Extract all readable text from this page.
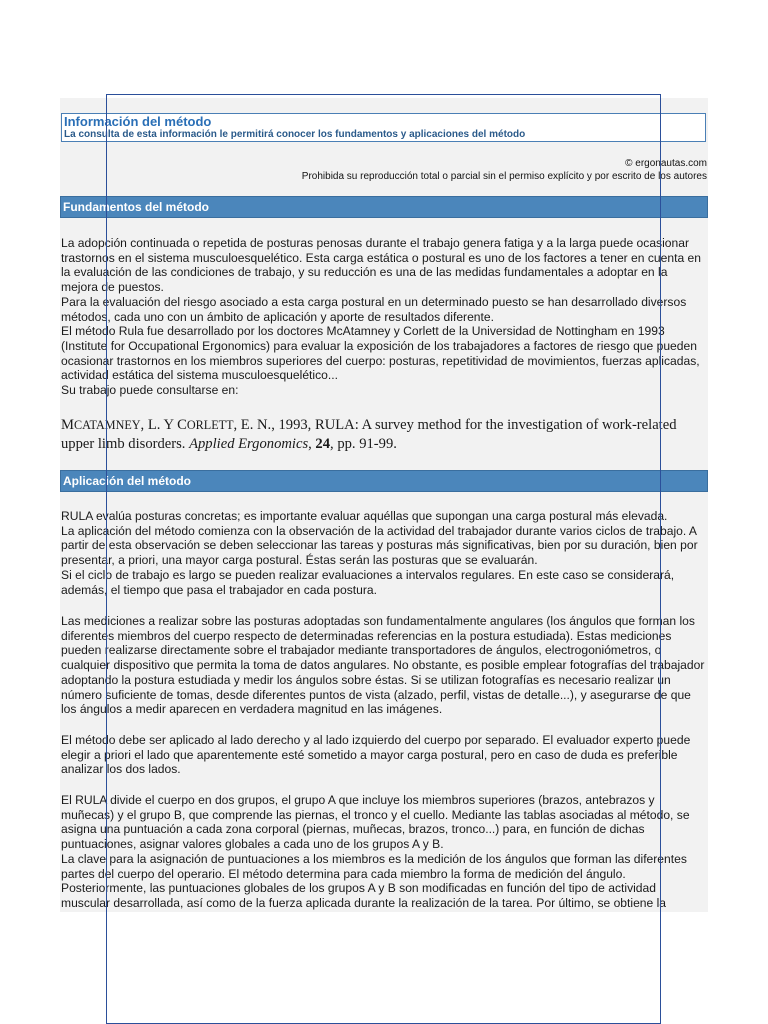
Información del método
La consulta de esta información le permitirá conocer los fundamentos y aplicaciones del método
© ergonautas.com
Prohibida su reproducción total o parcial sin el permiso explícito y por escrito de los autores
Fundamentos del método

La adopción continuada o repetida de posturas penosas durante el trabajo genera fatiga y a la larga puede ocasionar trastornos en el sistema musculoesquelético. Esta carga estática o postural es uno de los factores a tener en cuenta en la evaluación de las condiciones de trabajo, y su reducción es una de las medidas fundamentales a adoptar en la mejora de puestos.

Para la evaluación del riesgo asociado a esta carga postural en un determinado puesto se han desarrollado diversos métodos, cada uno con un ámbito de aplicación y aporte de resultados diferente.

El método Rula fue desarrollado por los doctores McAtamney y Corlett de la Universidad de Nottingham en 1993 (Institute for Occupational Ergonomics) para evaluar la exposición de los trabajadores a factores de riesgo que pueden ocasionar trastornos en los miembros superiores del cuerpo: posturas, repetitividad de movimientos, fuerzas aplicadas, actividad estática del sistema musculoesquelético...

Su trabajo puede consultarse en:

MCATAMNEY, L. Y CORLETT, E. N., 1993, RULA: A survey method for the investigation of work-related upper limb disorders. Applied Ergonomics, 24, pp. 91-99.
Aplicación del método

RULA evalúa posturas concretas; es importante evaluar aquéllas que supongan una carga postural más elevada.

La aplicación del método comienza con la observación de la actividad del trabajador durante varios ciclos de trabajo. A partir de esta observación se deben seleccionar las tareas y posturas más significativas, bien por su duración, bien por presentar, a priori, una mayor carga postural. Éstas serán las posturas que se evaluarán.

Si el ciclo de trabajo es largo se pueden realizar evaluaciones a intervalos regulares. En este caso se considerará, además, el tiempo que pasa el trabajador en cada postura.

Las mediciones a realizar sobre las posturas adoptadas son fundamentalmente angulares (los ángulos que forman los diferentes miembros del cuerpo respecto de determinadas referencias en la postura estudiada). Estas mediciones pueden realizarse directamente sobre el trabajador mediante transportadores de ángulos, electrogoniómetros, o cualquier dispositivo que permita la toma de datos angulares. No obstante, es posible emplear fotografías del trabajador adoptando la postura estudiada y medir los ángulos sobre éstas. Si se utilizan fotografías es necesario realizar un número suficiente de tomas, desde diferentes puntos de vista (alzado, perfil, vistas de detalle...), y asegurarse de que los ángulos a medir aparecen en verdadera magnitud en las imágenes.

El método debe ser aplicado al lado derecho y al lado izquierdo del cuerpo por separado. El evaluador experto puede elegir a priori el lado que aparentemente esté sometido a mayor carga postural, pero en caso de duda es preferible analizar los dos lados.

El RULA divide el cuerpo en dos grupos, el grupo A que incluye los miembros superiores (brazos, antebrazos y muñecas) y el grupo B, que comprende las piernas, el tronco y el cuello. Mediante las tablas asociadas al método, se asigna una puntuación a cada zona corporal (piernas, muñecas, brazos, tronco...) para, en función de dichas puntuaciones, asignar valores globales a cada uno de los grupos A y B.

La clave para la asignación de puntuaciones a los miembros es la medición de los ángulos que forman las diferentes partes del cuerpo del operario. El método determina para cada miembro la forma de medición del ángulo. Posteriormente, las puntuaciones globales de los grupos A y B son modificadas en función del tipo de actividad muscular desarrollada, así como de la fuerza aplicada durante la realización de la tarea. Por último, se obtiene la
